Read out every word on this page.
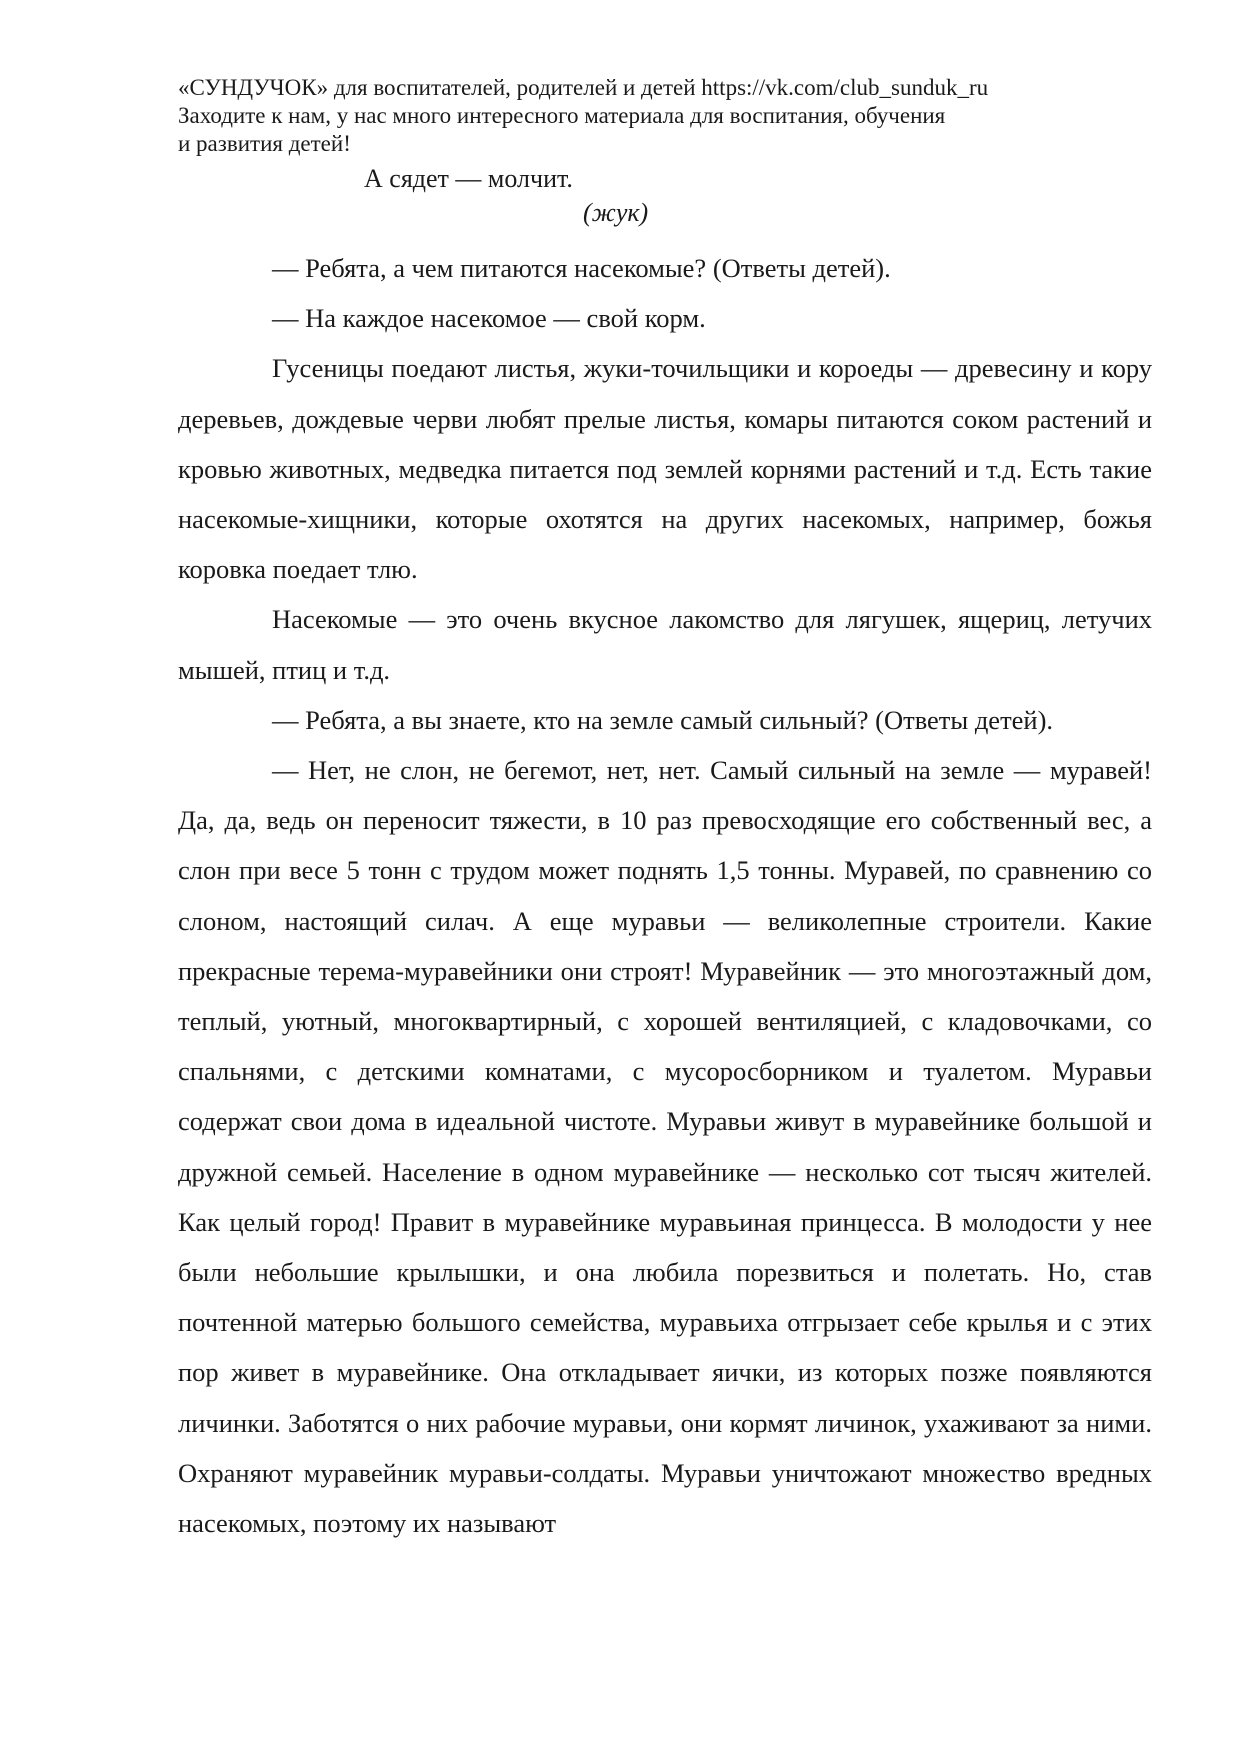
«СУНДУЧОК» для воспитателей, родителей и детей https://vk.com/club_sunduk_ru
Заходите к нам, у нас много интересного материала для воспитания, обучения
и развития детей!
А сядет — молчит.
(жук)

— Ребята, а чем питаются насекомые? (Ответы детей).

— На каждое насекомое — свой корм.

Гусеницы поедают листья, жуки-точильщики и короеды — древесину и кору деревьев, дождевые черви любят прелые листья, комары питаются соком растений и кровью животных, медведка питается под землей корнями растений и т.д. Есть такие насекомые-хищники, которые охотятся на других насекомых, например, божья коровка поедает тлю.

Насекомые — это очень вкусное лакомство для лягушек, ящериц, летучих мышей, птиц и т.д.

— Ребята, а вы знаете, кто на земле самый сильный? (Ответы детей).

— Нет, не слон, не бегемот, нет, нет. Самый сильный на земле — муравей! Да, да, ведь он переносит тяжести, в 10 раз превосходящие его собственный вес, а слон при весе 5 тонн с трудом может поднять 1,5 тонны. Муравей, по сравнению со слоном, настоящий силач. А еще муравьи — великолепные строители. Какие прекрасные терема-муравейники они строят! Муравейник — это многоэтажный дом, теплый, уютный, многоквартирный, с хорошей вентиляцией, с кладовочками, со спальнями, с детскими комнатами, с мусоросборником и туалетом. Муравьи содержат свои дома в идеальной чистоте. Муравьи живут в муравейнике большой и дружной семьей. Население в одном муравейнике — несколько сот тысяч жителей. Как целый город! Правит в муравейнике муравьиная принцесса. В молодости у нее были небольшие крылышки, и она любила порезвиться и полетать. Но, став почтенной матерью большого семейства, муравьиха отгрызает себе крылья и с этих пор живет в муравейнике. Она откладывает яички, из которых позже появляются личинки. Заботятся о них рабочие муравьи, они кормят личинок, ухаживают за ними. Охраняют муравейник муравьи-солдаты. Муравьи уничтожают множество вредных насекомых, поэтому их называют
